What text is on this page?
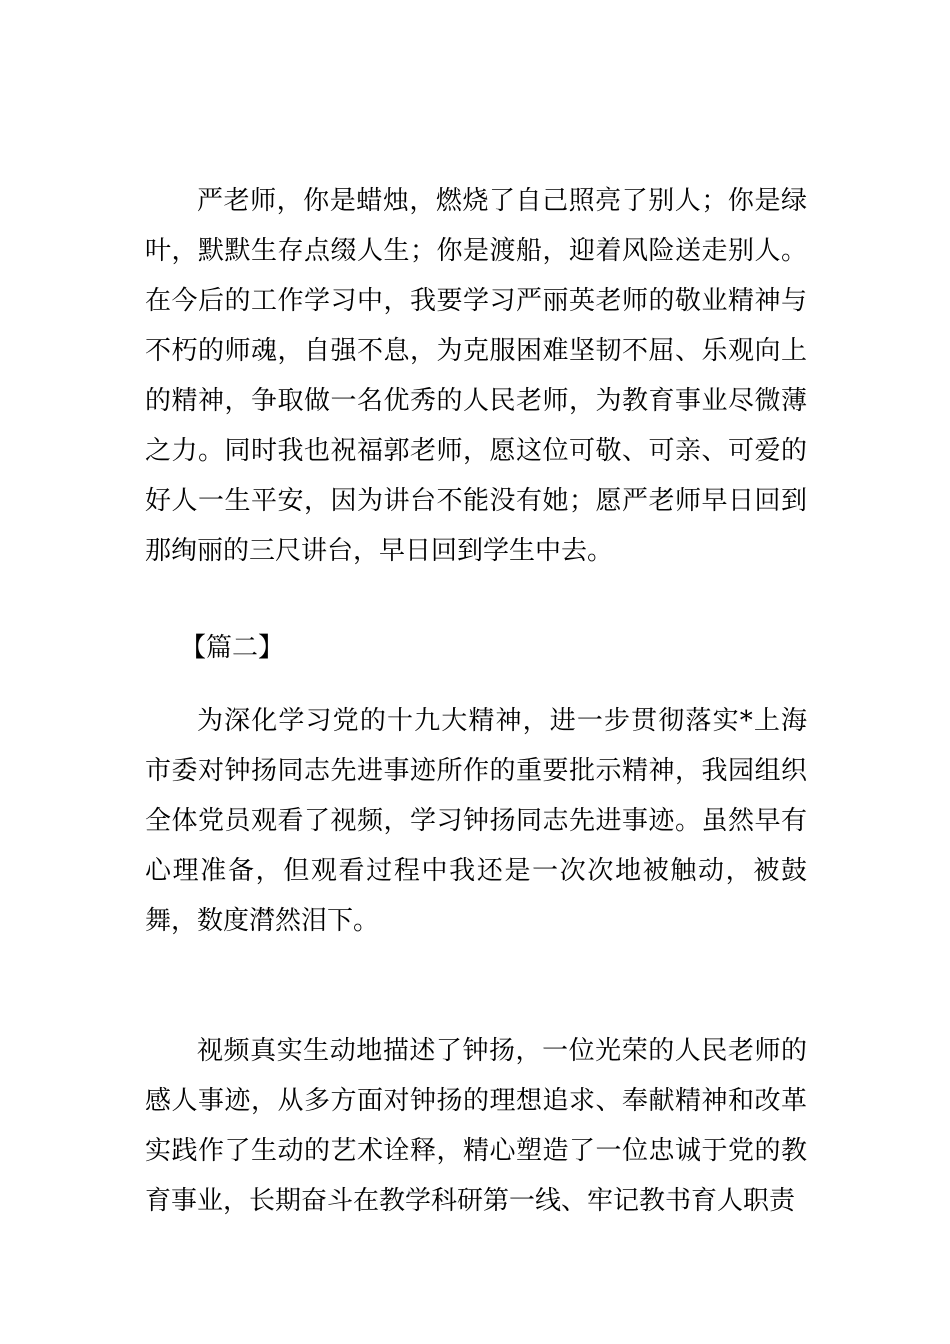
严老师，你是蜡烛，燃烧了自己照亮了别人；你是绿叶，默默生存点缀人生；你是渡船，迎着风险送走别人。在今后的工作学习中，我要学习严丽英老师的敬业精神与不朽的师魂，自强不息，为克服困难坚韧不屈、乐观向上的精神，争取做一名优秀的人民老师，为教育事业尽微薄之力。同时我也祝福郭老师，愿这位可敬、可亲、可爱的好人一生平安，因为讲台不能没有她；愿严老师早日回到那绚丽的三尺讲台，早日回到学生中去。

【篇二】

为深化学习党的十九大精神，进一步贯彻落实*上海市委对钟扬同志先进事迹所作的重要批示精神，我园组织全体党员观看了视频，学习钟扬同志先进事迹。虽然早有心理准备，但观看过程中我还是一次次地被触动，被鼓舞，数度潸然泪下。

视频真实生动地描述了钟扬，一位光荣的人民老师的感人事迹，从多方面对钟扬的理想追求、奉献精神和改革实践作了生动的艺术诠释，精心塑造了一位忠诚于党的教育事业，长期奋斗在教学科研第一线、牢记教书育人职责
